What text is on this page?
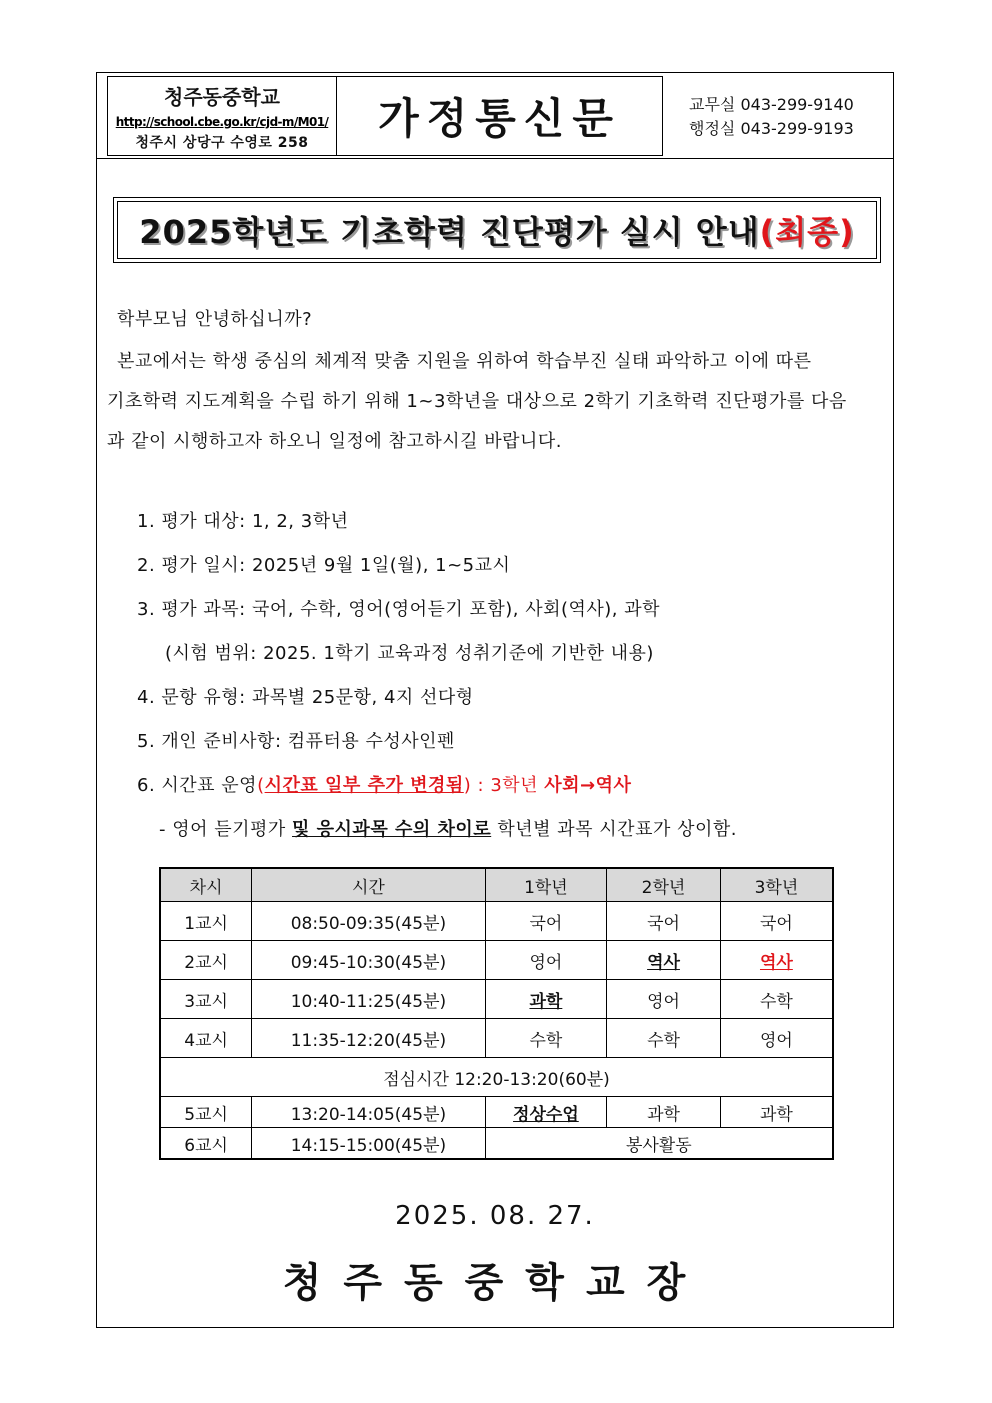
청주동중학교
http://school.cbe.go.kr/cjd-m/M01/
청주시 상당구 수영로 258	가정통신문	교무실 043-299-9140
행정실 043-299-9193
2025학년도 기초학력 진단평가 실시 안내(최종)
학부모님 안녕하십니까?
본교에서는 학생 중심의 체계적 맞춤 지원을 위하여 학습부진 실태 파악하고 이에 따른
기초학력 지도계획을 수립 하기 위해 1~3학년을 대상으로 2학기 기초학력 진단평가를 다음
과 같이 시행하고자 하오니 일정에 참고하시길 바랍니다.
1. 평가 대상: 1, 2, 3학년
2. 평가 일시: 2025년 9월 1일(월), 1~5교시
3. 평가 과목: 국어, 수학, 영어(영어듣기 포함), 사회(역사), 과학
(시험 범위: 2025. 1학기 교육과정 성취기준에 기반한 내용)
4. 문항 유형: 과목별 25문항, 4지 선다형
5. 개인 준비사항: 컴퓨터용 수성사인펜
6. 시간표 운영(시간표 일부 추가 변경됨) : 3학년 사회→역사
- 영어 듣기평가 및 응시과목 수의 차이로 학년별 과목 시간표가 상이함.
차시	시간	1학년	2학년	3학년
1교시	08:50-09:35(45분)	국어	국어	국어
2교시	09:45-10:30(45분)	영어	역사	역사
3교시	10:40-11:25(45분)	과학	영어	수학
4교시	11:35-12:20(45분)	수학	수학	영어
점심시간 12:20-13:20(60분)				
5교시	13:20-14:05(45분)	정상수업	과학	과학
6교시	14:15-15:00(45분)	봉사활동		
2025. 08. 27.
청주동중학교장
